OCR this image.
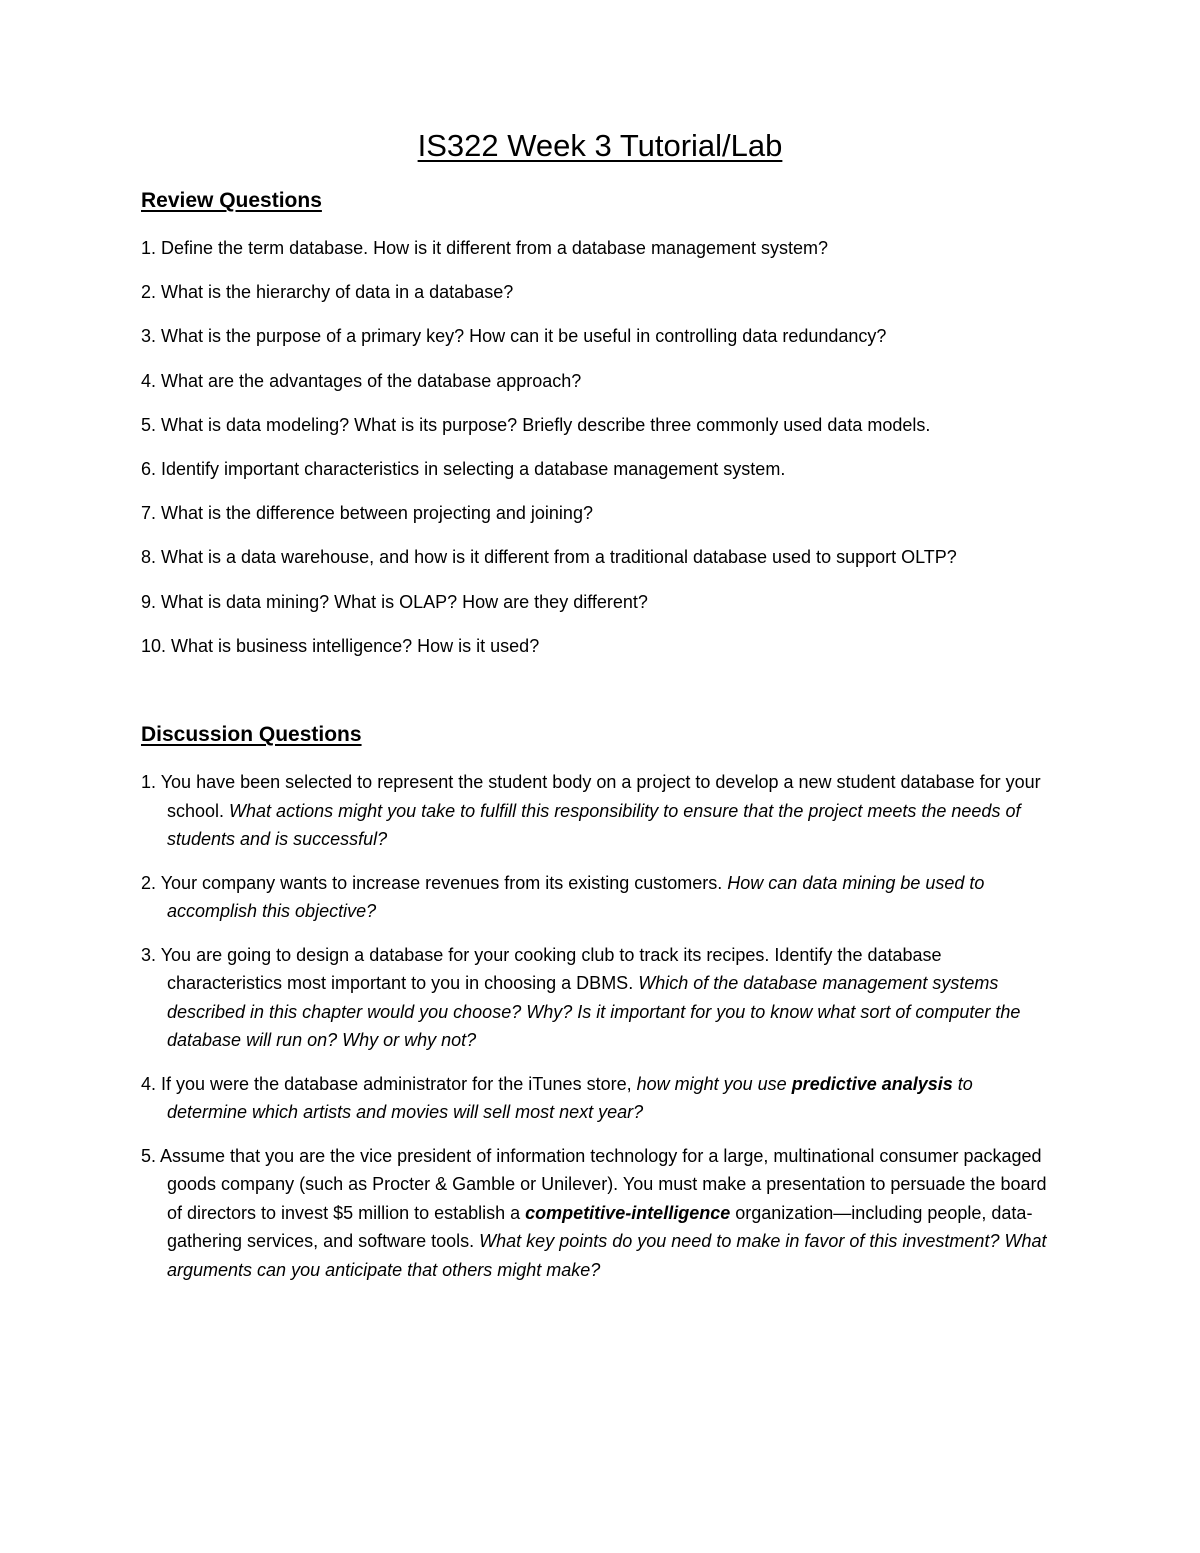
IS322 Week 3 Tutorial/Lab
Review Questions
1. Define the term database. How is it different from a database management system?
2. What is the hierarchy of data in a database?
3. What is the purpose of a primary key? How can it be useful in controlling data redundancy?
4. What are the advantages of the database approach?
5. What is data modeling? What is its purpose? Briefly describe three commonly used data models.
6. Identify important characteristics in selecting a database management system.
7. What is the difference between projecting and joining?
8. What is a data warehouse, and how is it different from a traditional database used to support OLTP?
9. What is data mining? What is OLAP? How are they different?
10. What is business intelligence? How is it used?
Discussion Questions

1. You have been selected to represent the student body on a project to develop a new student database for your school. What actions might you take to fulfill this responsibility to ensure that the project meets the needs of students and is successful?

2. Your company wants to increase revenues from its existing customers. How can data mining be used to accomplish this objective?

3. You are going to design a database for your cooking club to track its recipes. Identify the database characteristics most important to you in choosing a DBMS. Which of the database management systems described in this chapter would you choose? Why? Is it important for you to know what sort of computer the database will run on? Why or why not?

4. If you were the database administrator for the iTunes store, how might you use predictive analysis to determine which artists and movies will sell most next year?

5. Assume that you are the vice president of information technology for a large, multinational consumer packaged goods company (such as Procter & Gamble or Unilever). You must make a presentation to persuade the board of directors to invest $5 million to establish a competitive-intelligence organization—including people, data-gathering services, and software tools. What key points do you need to make in favor of this investment? What arguments can you anticipate that others might make?
